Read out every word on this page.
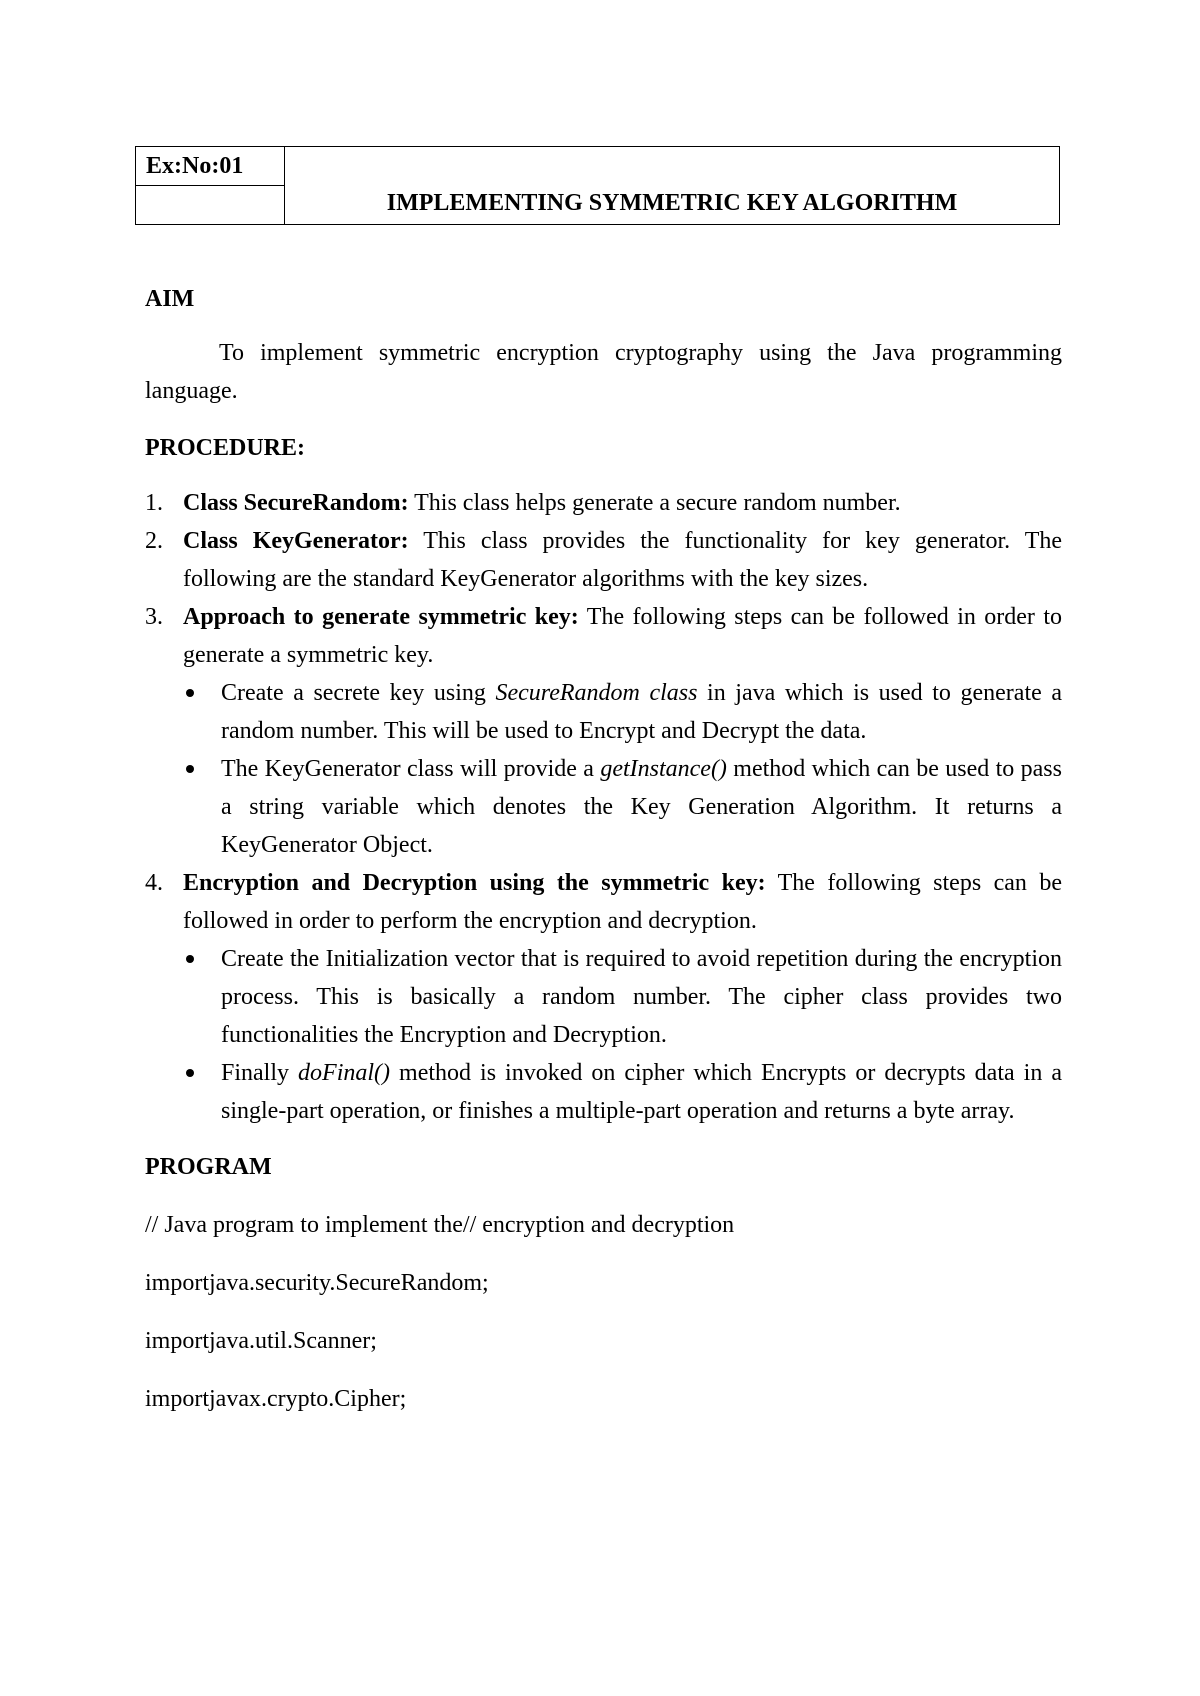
Ex:No:01	IMPLEMENTING SYMMETRIC KEY ALGORITHM

AIM

To implement symmetric encryption cryptography using the Java programming language.

PROCEDURE:

1. Class SecureRandom: This class helps generate a secure random number.
2. Class KeyGenerator: This class provides the functionality for key generator. The following are the standard KeyGenerator algorithms with the key sizes.
3. Approach to generate symmetric key: The following steps can be followed in order to generate a symmetric key.
Create a secrete key using SecureRandom class in java which is used to generate a random number. This will be used to Encrypt and Decrypt the data.
The KeyGenerator class will provide a getInstance() method which can be used to pass a string variable which denotes the Key Generation Algorithm. It returns a KeyGenerator Object.
4. Encryption and Decryption using the symmetric key: The following steps can be followed in order to perform the encryption and decryption.
Create the Initialization vector that is required to avoid repetition during the encryption process. This is basically a random number. The cipher class provides two functionalities the Encryption and Decryption.
Finally doFinal() method is invoked on cipher which Encrypts or decrypts data in a single-part operation, or finishes a multiple-part operation and returns a byte array.

PROGRAM

// Java program to implement the// encryption and decryption

importjava.security.SecureRandom;

importjava.util.Scanner;

importjavax.crypto.Cipher;
